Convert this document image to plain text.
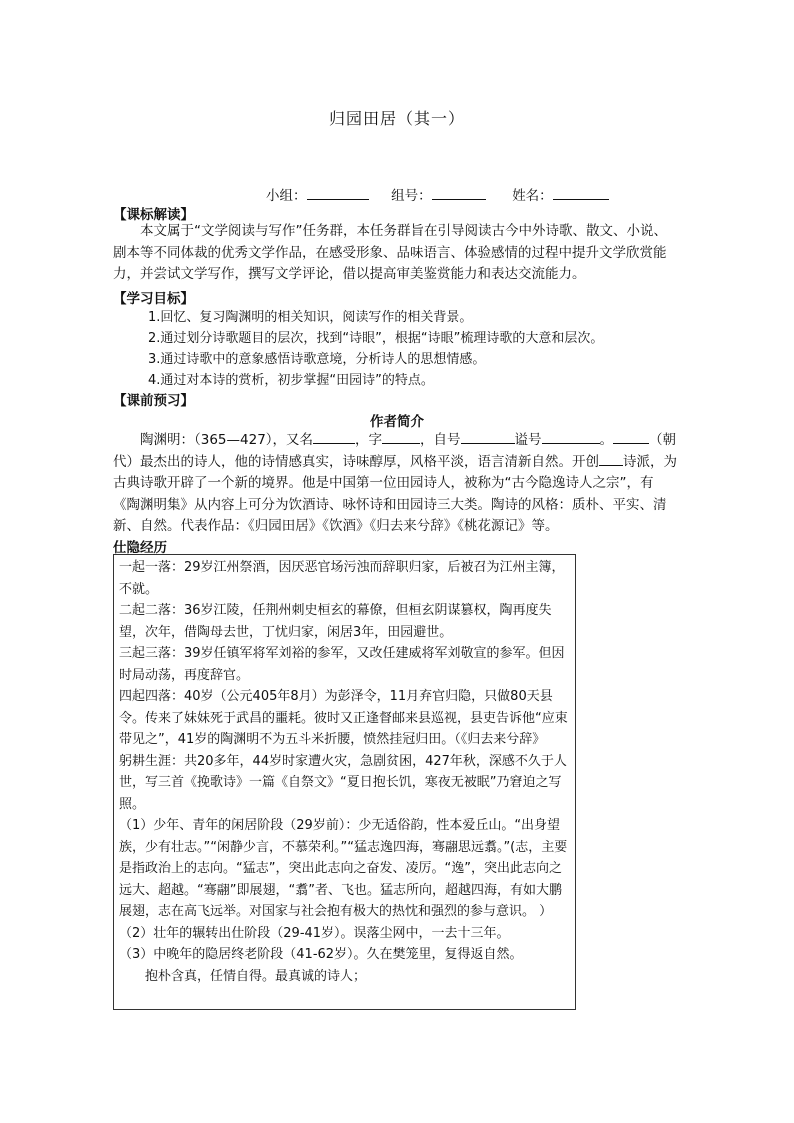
归园田居（其一）
小组：	组号：	姓名：
【课标解读】
本文属于“文学阅读与写作”任务群，本任务群旨在引导阅读古今中外诗歌、散文、小说、剧本等不同体裁的优秀文学作品，在感受形象、品味语言、体验感情的过程中提升文学欣赏能力，并尝试文学写作，撰写文学评论，借以提高审美鉴赏能力和表达交流能力。
【学习目标】
1.回忆、复习陶渊明的相关知识，阅读写作的相关背景。
2.通过划分诗歌题目的层次，找到“诗眼”，根据“诗眼”梳理诗歌的大意和层次。
3.通过诗歌中的意象感悟诗歌意境，分析诗人的思想情感。
4.通过对本诗的赏析，初步掌握“田园诗”的特点。
【课前预习】
作者简介
陶渊明：（365—427），又名	，字	，自号	谥号	。	（朝代）最杰出的诗人，他的诗情感真实，诗味醇厚，风格平淡，语言清新自然。开创 诗派，为古典诗歌开辟了一个新的境界。他是中国第一位田园诗人，被称为“古今隐逸诗人之宗”，有《陶渊明集》从内容上可分为饮酒诗、咏怀诗和田园诗三大类。陶诗的风格：质朴、平实、清新、自然。代表作品：《归园田居》《饮酒》《归去来兮辞》《桃花源记》等。
仕隐经历

一起一落：29岁江州祭酒，因厌恶官场污浊而辞职归家，后被召为江州主簿，不就。

二起二落：36岁江陵，任荆州刺史桓玄的幕僚，但桓玄阴谋篡权，陶再度失望，次年，借陶母去世，丁忧归家，闲居3年，田园避世。

三起三落：39岁任镇军将军刘裕的参军，又改任建威将军刘敬宣的参军。但因时局动荡，再度辞官。

四起四落：40岁（公元405年8月）为彭泽令，11月弃官归隐，只做80天县令。传来了妹妹死于武昌的噩耗。彼时又正逢督邮来县巡视，县吏告诉他“应束带见之”，41岁的陶渊明不为五斗米折腰，愤然挂冠归田。（《归去来兮辞》

躬耕生涯：共20多年，44岁时家遭火灾，急剧贫困，427年秋，深感不久于人世，写三首《挽歌诗》一篇《自祭文》“夏日抱长饥，寒夜无被眠”乃窘迫之写照。

（1）少年、青年的闲居阶段（29岁前）：少无适俗韵，性本爱丘山。“出身望族，少有壮志。”“闲静少言，不慕荣利。”“猛志逸四海，骞翮思远翥。”(志，主要是指政治上的志向。“猛志”，突出此志向之奋发、凌厉。“逸”，突出此志向之远大、超越。“骞翮”即展翅，“翥”者、飞也。猛志所向，超越四海，有如大鹏展翅，志在高飞远举。对国家与社会抱有极大的热忱和强烈的参与意识。 ）

（2）壮年的辗转出仕阶段（29-41岁）。误落尘网中，一去十三年。

（3）中晚年的隐居终老阶段（41-62岁）。久在樊笼里，复得返自然。

抱朴含真，任情自得。最真诚的诗人；
